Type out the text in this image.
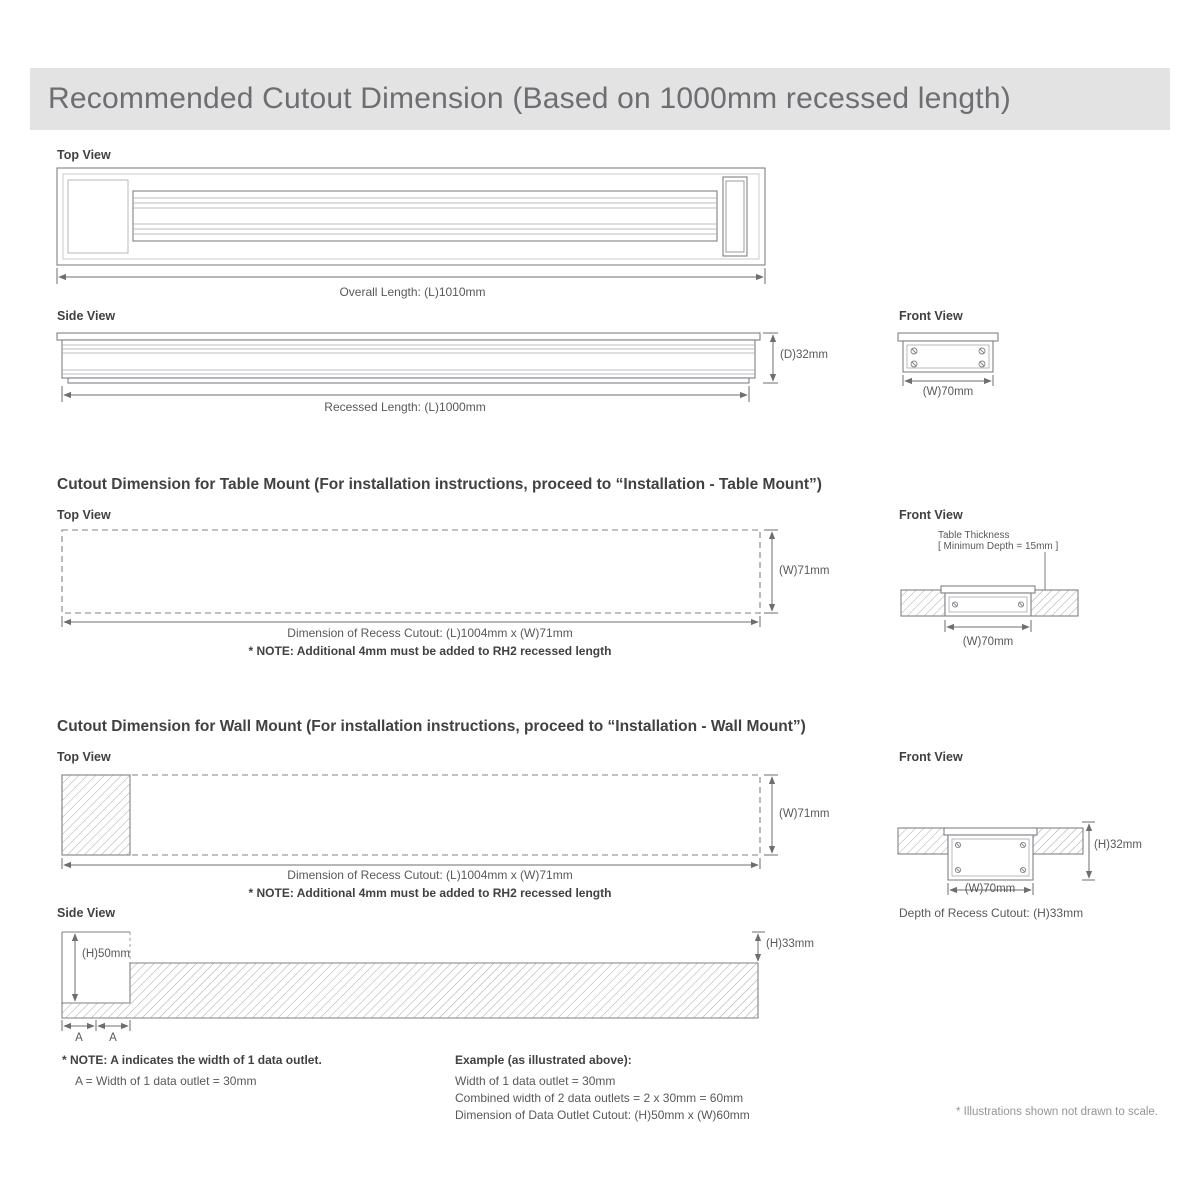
Recommended Cutout Dimension (Based on 1000mm recessed length)
Top View
Overall Length: (L)1010mm
Side View
(D)32mm
Recessed Length: (L)1000mm
Front View
(W)70mm
Cutout Dimension for Table Mount (For installation instructions, proceed to “Installation - Table Mount”)
Top View
(W)71mm
Dimension of Recess Cutout: (L)1004mm x (W)71mm
* NOTE: Additional 4mm must be added to RH2 recessed length
Front View
Table Thickness
[ Minimum Depth = 15mm ]
(W)70mm
Cutout Dimension for Wall Mount (For installation instructions, proceed to “Installation - Wall Mount”)
Top View
(W)71mm
Dimension of Recess Cutout: (L)1004mm x (W)71mm
* NOTE: Additional 4mm must be added to RH2 recessed length
Front View
(H)32mm
(W)70mm
Depth of Recess Cutout: (H)33mm
Side View
(H)50mm
(H)33mm
A A
* NOTE: A indicates the width of 1 data outlet.
A = Width of 1 data outlet = 30mm
Example (as illustrated above):
Width of 1 data outlet = 30mm
Combined width of 2 data outlets = 2 x 30mm = 60mm
Dimension of Data Outlet Cutout: (H)50mm x (W)60mm	* Illustrations shown not drawn to scale.
